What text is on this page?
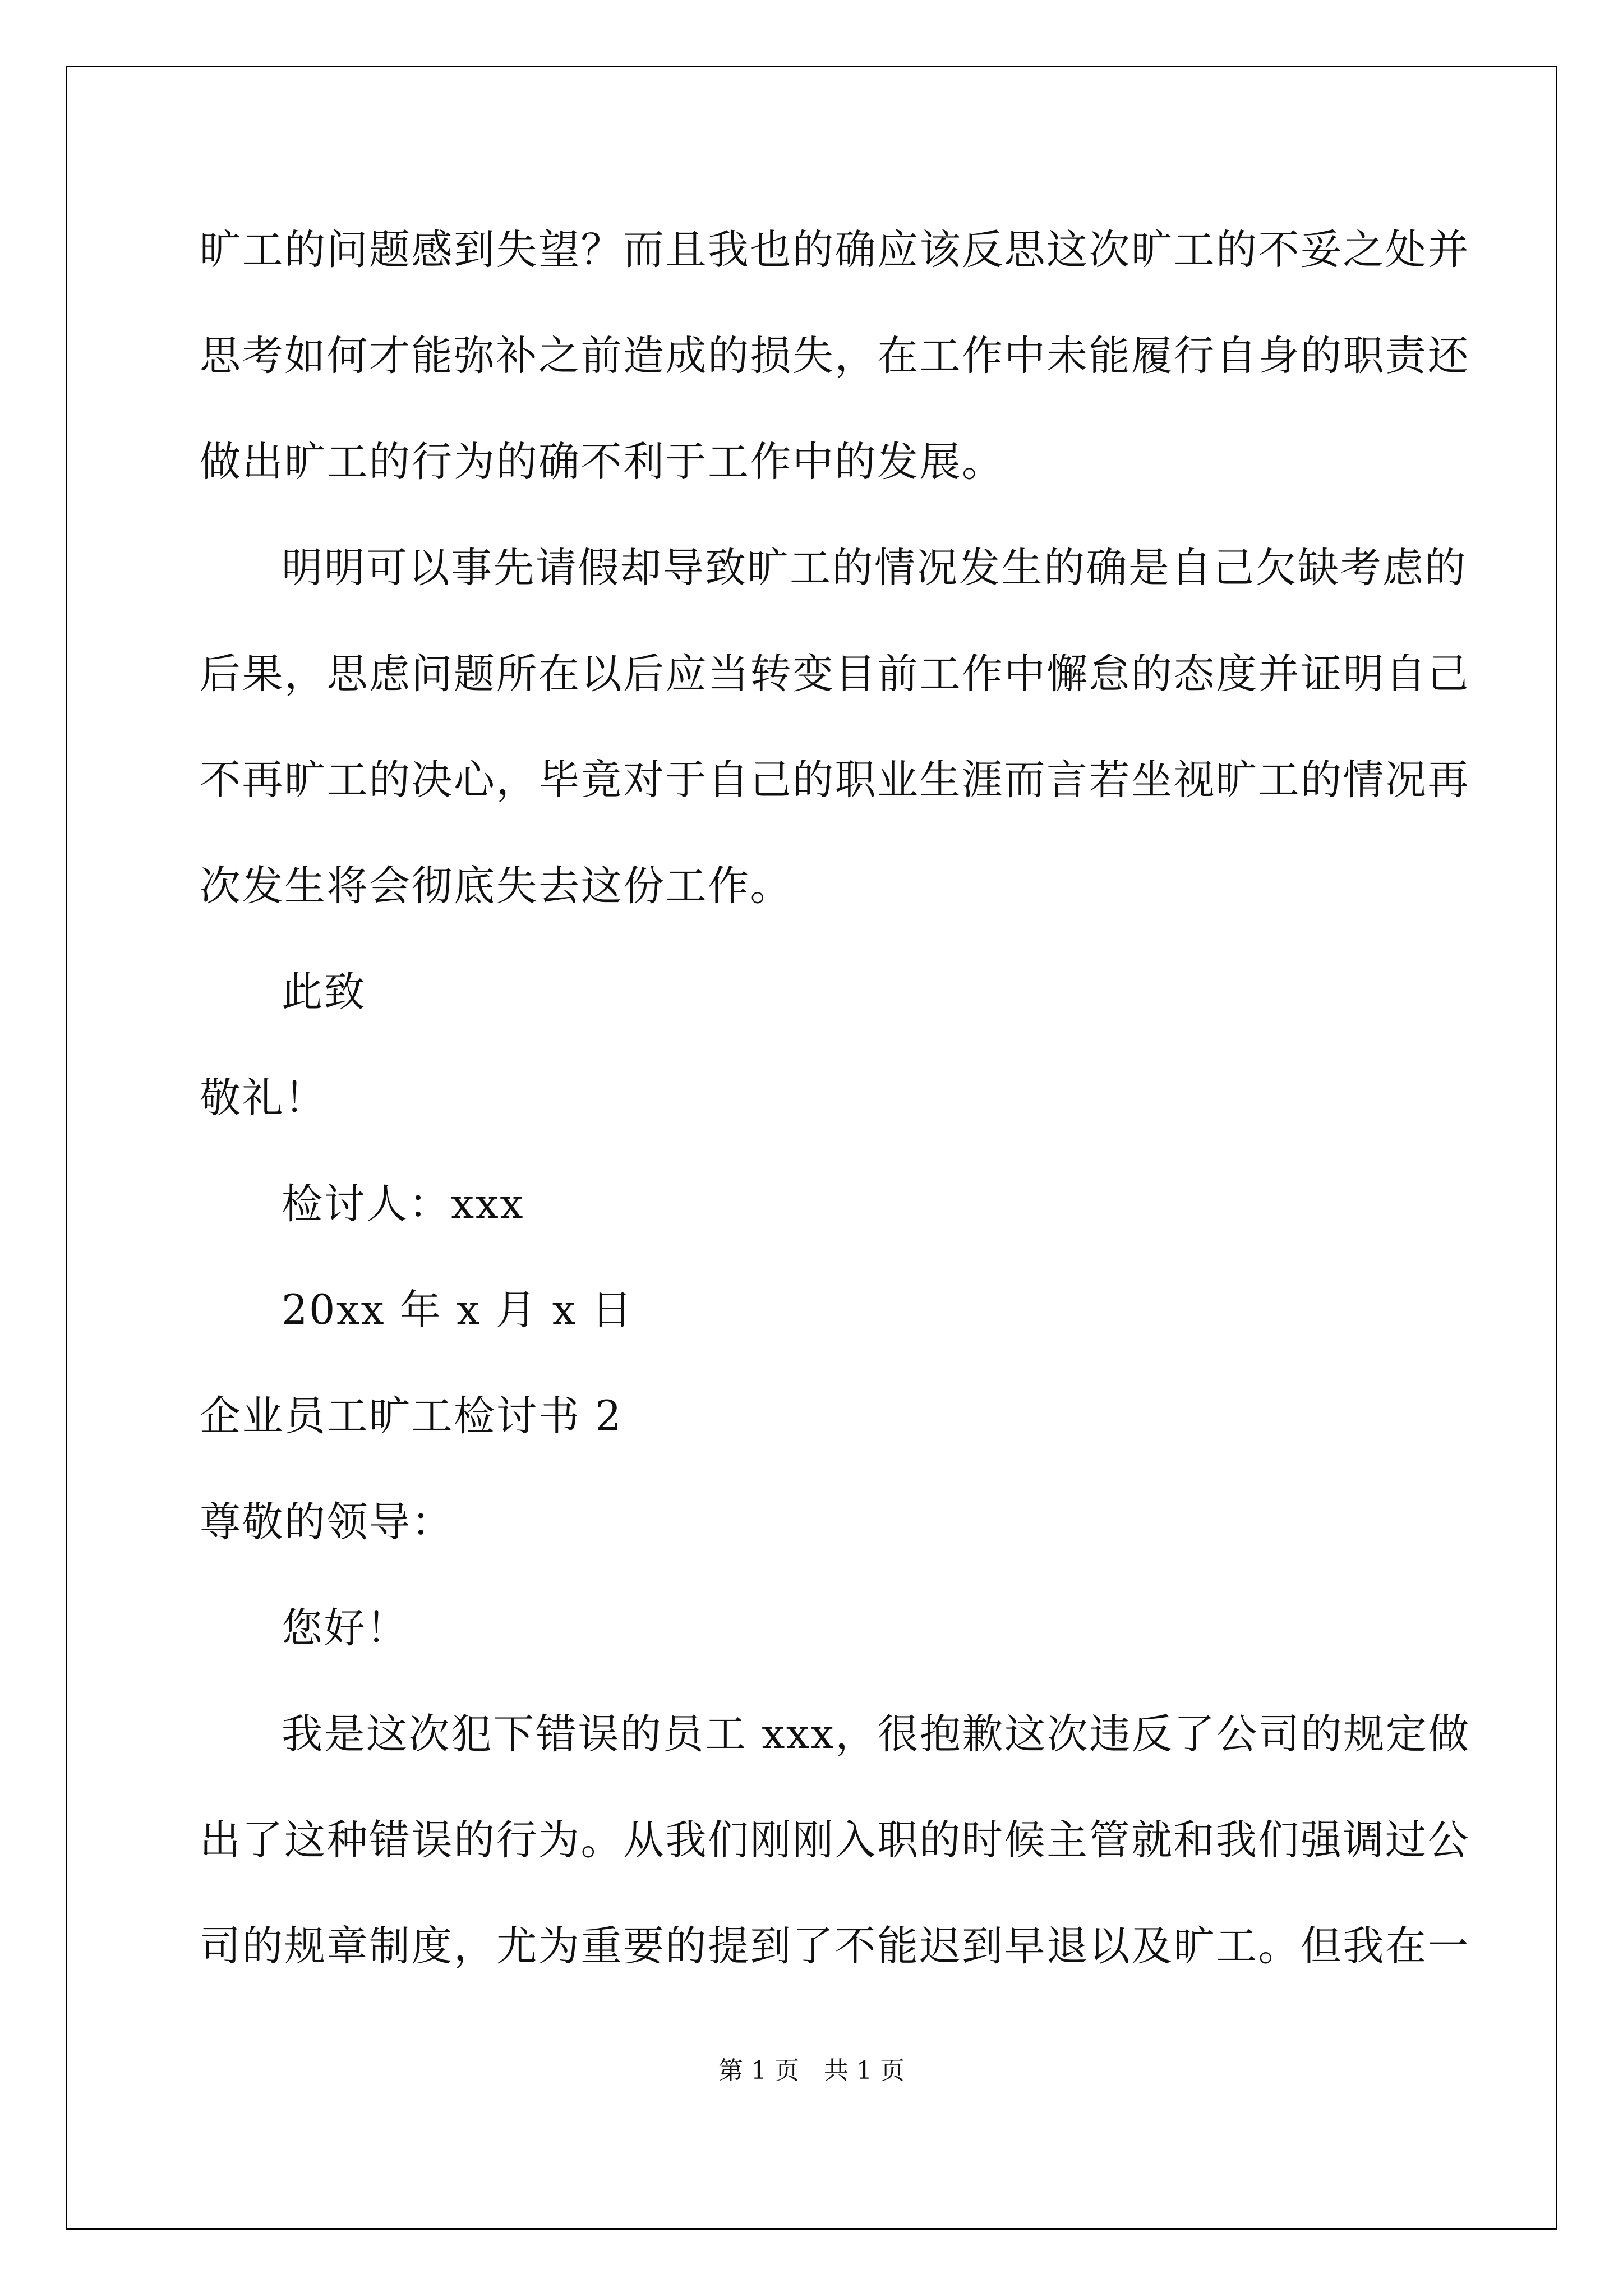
旷工的问题感到失望？而且我也的确应该反思这次旷工的不妥之处并
思考如何才能弥补之前造成的损失，在工作中未能履行自身的职责还
做出旷工的行为的确不利于工作中的发展。
明明可以事先请假却导致旷工的情况发生的确是自己欠缺考虑的
后果，思虑问题所在以后应当转变目前工作中懈怠的态度并证明自己
不再旷工的决心，毕竟对于自己的职业生涯而言若坐视旷工的情况再
次发生将会彻底失去这份工作。
此致
敬礼！
检讨人：xxx
20xx 年 x 月 x 日
企业员工旷工检讨书 2
尊敬的领导：
您好！
我是这次犯下错误的员工 xxx，很抱歉这次违反了公司的规定做
出了这种错误的行为。从我们刚刚入职的时候主管就和我们强调过公
司的规章制度，尤为重要的提到了不能迟到早退以及旷工。但我在一
第 1 页　共 1 页
